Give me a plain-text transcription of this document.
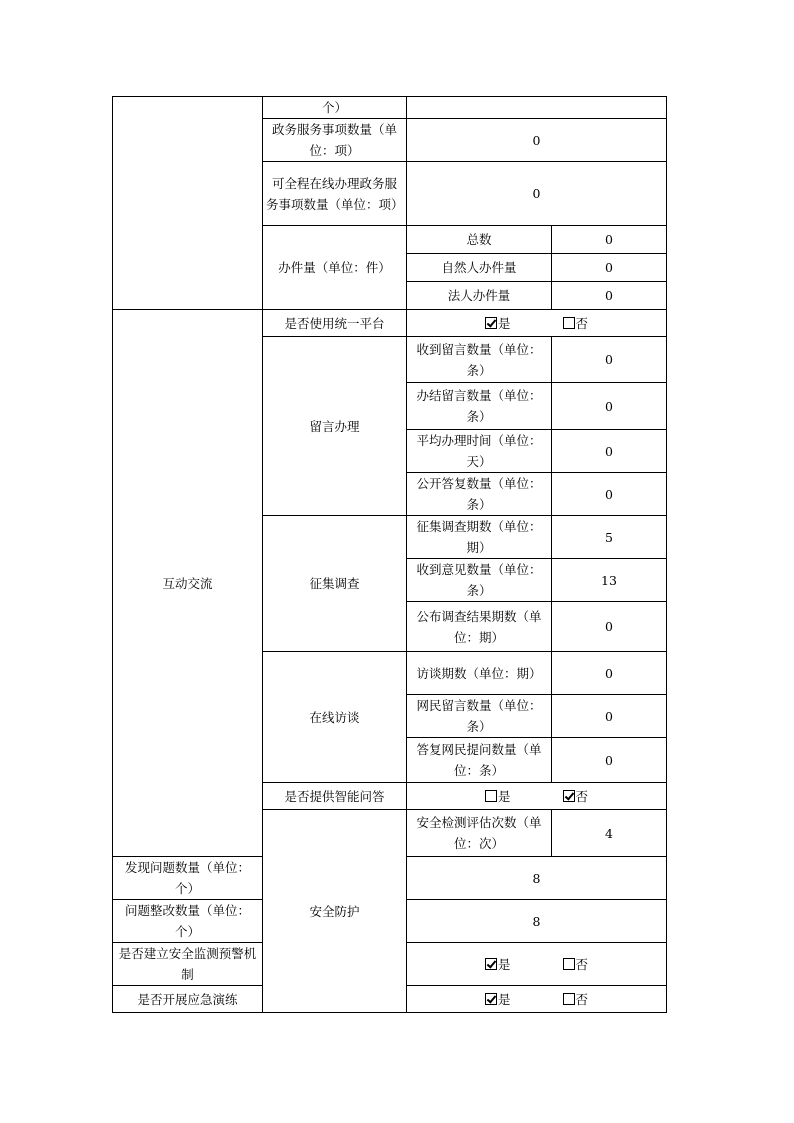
	个）		
	政务服务事项数量（单位：项）	0	
	可全程在线办理政务服务事项数量（单位：项）	0	
	办件量（单位：件）	总数	0
		自然人办件量	0
		法人办件量	0
互动交流	是否使用统一平台	是 否	
	留言办理	收到留言数量（单位：条）	0
		办结留言数量（单位：条）	0
		平均办理时间（单位：天）	0
		公开答复数量（单位：条）	0
	征集调查	征集调查期数（单位：期）	5
		收到意见数量（单位：条）	13
		公布调查结果期数（单位：期）	0
	在线访谈	访谈期数（单位：期）	0
		网民留言数量（单位：条）	0
		答复网民提问数量（单位：条）	0
	是否提供智能问答	是 否	
	安全防护	安全检测评估次数（单位：次）	4
发现问题数量（单位：个）		8	
问题整改数量（单位：个）		8	
是否建立安全监测预警机制		是 否	
是否开展应急演练		是 否	
